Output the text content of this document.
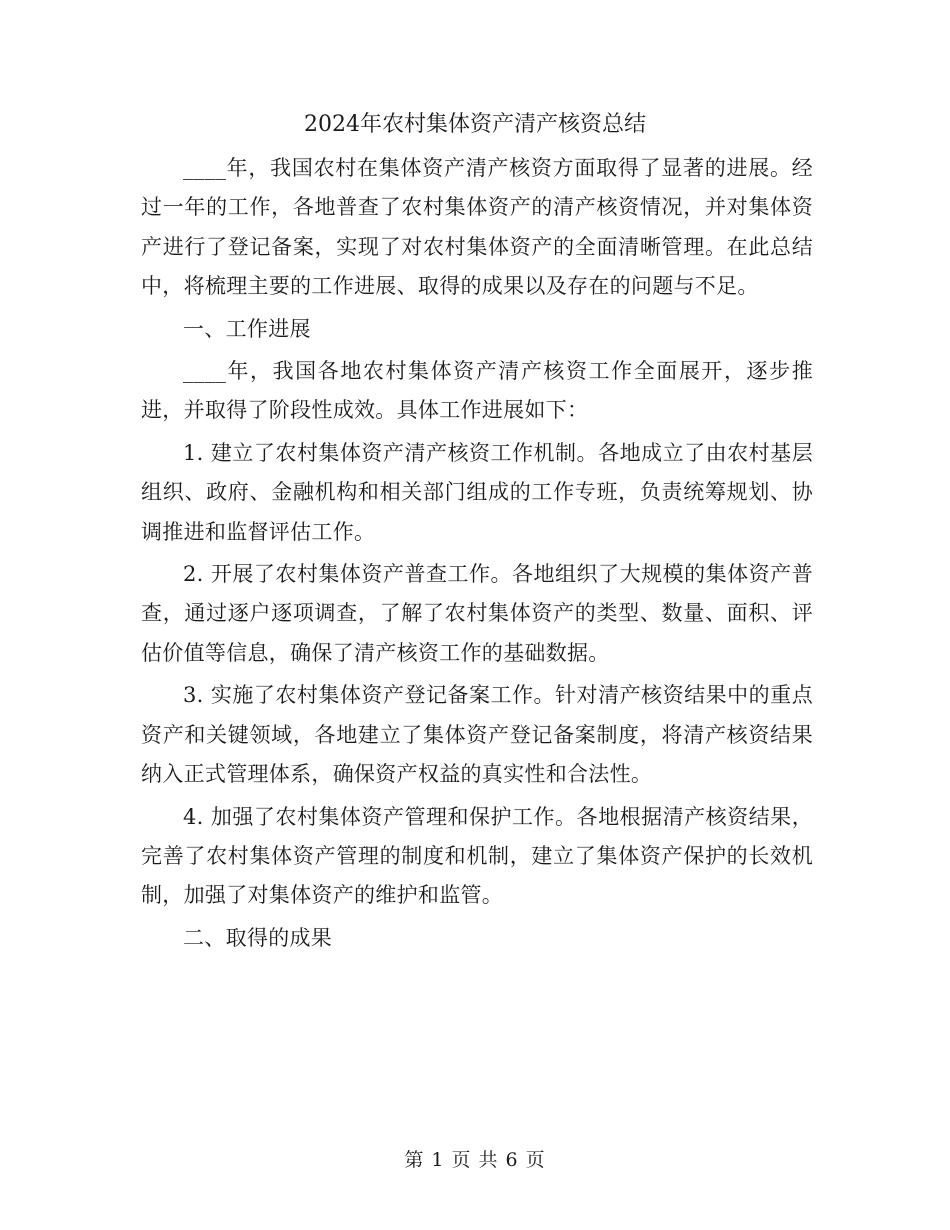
2024年农村集体资产清产核资总结

____年，我国农村在集体资产清产核资方面取得了显著的进展。经过一年的工作，各地普查了农村集体资产的清产核资情况，并对集体资产进行了登记备案，实现了对农村集体资产的全面清晰管理。在此总结中，将梳理主要的工作进展、取得的成果以及存在的问题与不足。

一、工作进展

____年，我国各地农村集体资产清产核资工作全面展开，逐步推进，并取得了阶段性成效。具体工作进展如下：

1. 建立了农村集体资产清产核资工作机制。各地成立了由农村基层组织、政府、金融机构和相关部门组成的工作专班，负责统筹规划、协调推进和监督评估工作。

2. 开展了农村集体资产普查工作。各地组织了大规模的集体资产普查，通过逐户逐项调查，了解了农村集体资产的类型、数量、面积、评估价值等信息，确保了清产核资工作的基础数据。

3. 实施了农村集体资产登记备案工作。针对清产核资结果中的重点资产和关键领域，各地建立了集体资产登记备案制度，将清产核资结果纳入正式管理体系，确保资产权益的真实性和合法性。

4. 加强了农村集体资产管理和保护工作。各地根据清产核资结果，完善了农村集体资产管理的制度和机制，建立了集体资产保护的长效机制，加强了对集体资产的维护和监管。

二、取得的成果

第 1 页 共 6 页
